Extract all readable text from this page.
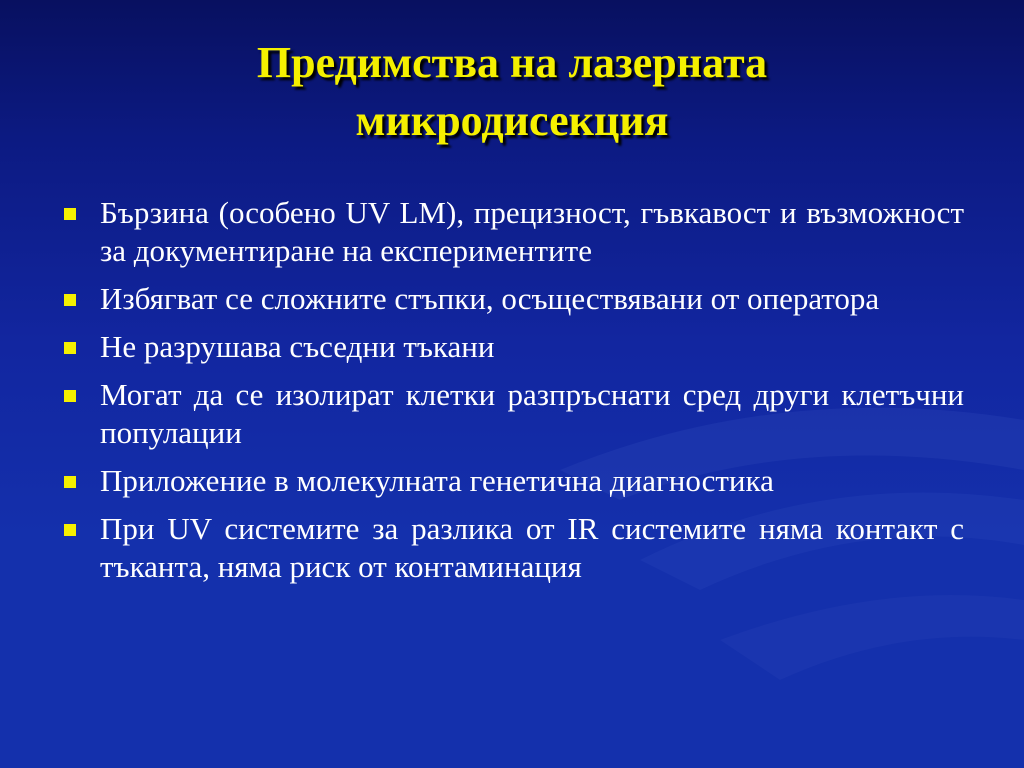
Предимства на лазерната
микродисекция
Бързина (особено UV LM), прецизност, гъвкавост и възможност за документиране на експериментите
Избягват се сложните стъпки, осъществявани от оператора
Не разрушава съседни тъкани
Могат да се изолират клетки разпръснати сред други клетъчни популации
Приложение в молекулната генетична диагностика
При UV системите за разлика от IR системите няма контакт с тъканта, няма риск от контаминация
